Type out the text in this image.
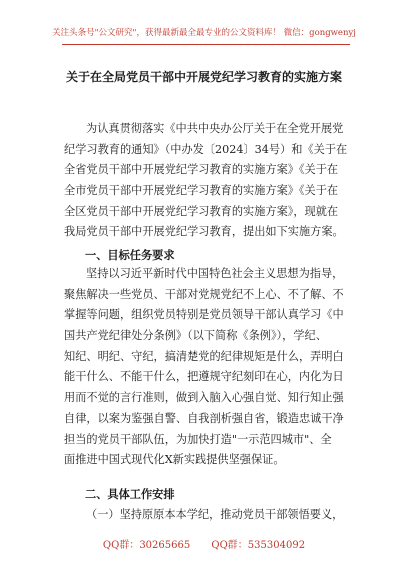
关注头条号"公文研究"，获得最新最全最专业的公文资料库！ 微信：gongwenyj
关于在全局党员干部中开展党纪学习教育的实施方案
为认真贯彻落实《中共中央办公厅关于在全党开展党
纪学习教育的通知》（中办发〔2024〕34号）和《关于在
全省党员干部中开展党纪学习教育的实施方案》《关于在
全市党员干部中开展党纪学习教育的实施方案》《关于在
全区党员干部中开展党纪学习教育的实施方案》，现就在
我局党员干部中开展党纪学习教育，提出如下实施方案。
一、目标任务要求
坚持以习近平新时代中国特色社会主义思想为指导，
聚焦解决一些党员、干部对党规党纪不上心、不了解、不
掌握等问题，组织党员特别是党员领导干部认真学习《中
国共产党纪律处分条例》（以下简称《条例》），学纪、
知纪、明纪、守纪，搞清楚党的纪律规矩是什么，弄明白
能干什么、不能干什么，把遵规守纪刻印在心，内化为日
用而不觉的言行准则，做到入脑入心强自觉、知行知止强
自律，以案为鉴强自警、自我剖析强自省，锻造忠诚干净
担当的党员干部队伍，为加快打造"一示范四城市"、全
面推进中国式现代化X新实践提供坚强保证。
二、具体工作安排
（一）坚持原原本本学纪，推动党员干部领悟要义，
QQ群：30265665 QQ群：535304092
